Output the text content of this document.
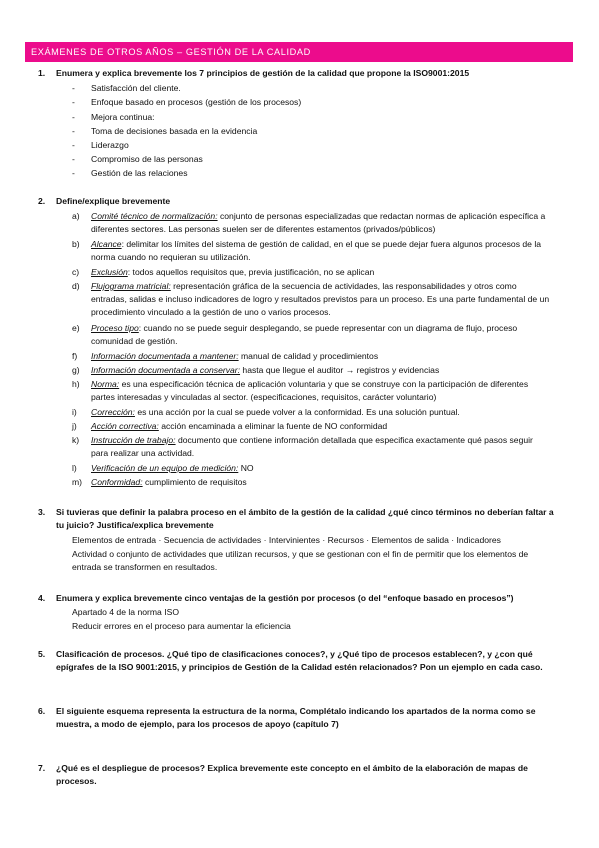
EXÁMENES DE OTROS AÑOS – GESTIÓN DE LA CALIDAD
1. Enumera y explica brevemente los 7 principios de gestión de la calidad que propone la ISO9001:2015
- Satisfacción del cliente.
- Enfoque basado en procesos (gestión de los procesos)
- Mejora continua:
- Toma de decisiones basada en la evidencia
- Liderazgo
- Compromiso de las personas
- Gestión de las relaciones
2. Define/explique brevemente
a)	Comité técnico de normalización: conjunto de personas especializadas que redactan normas de aplicación específica a diferentes sectores. Las personas suelen ser de diferentes estamentos (privados/públicos)
b)	Alcance: delimitar los límites del sistema de gestión de calidad, en el que se puede dejar fuera algunos procesos de la norma cuando no requieran su utilización.
c)	Exclusión: todos aquellos requisitos que, previa justificación, no se aplican
d)	Flujograma matricial: representación gráfica de la secuencia de actividades, las responsabilidades y otros como entradas, salidas e incluso indicadores de logro y resultados previstos para un proceso. Es una parte fundamental de un procedimiento vinculado a la gestión de uno o varios procesos.
e)	Proceso tipo: cuando no se puede seguir desplegando, se puede representar con un diagrama de flujo, proceso comunidad de gestión.
f)	Información documentada a mantener: manual de calidad y procedimientos
g)	Información documentada a conservar: hasta que llegue el auditor → registros y evidencias
h)	Norma: es una especificación técnica de aplicación voluntaria y que se construye con la participación de diferentes partes interesadas y vinculadas al sector. (especificaciones, requisitos, carácter voluntario)
i)	Corrección: es una acción por la cual se puede volver a la conformidad. Es una solución puntual.
j)	Acción correctiva: acción encaminada a eliminar la fuente de NO conformidad
k)	Instrucción de trabajo: documento que contiene información detallada que especifica exactamente qué pasos seguir para realizar una actividad.
l)	Verificación de un equipo de medición: NO
m)	Conformidad: cumplimiento de requisitos
3. Si tuvieras que definir la palabra proceso en el ámbito de la gestión de la calidad ¿qué cinco términos no deberían faltar a tu juicio? Justifica/explica brevemente
Elementos de entrada · Secuencia de actividades · Intervinientes · Recursos · Elementos de salida · Indicadores
Actividad o conjunto de actividades que utilizan recursos, y que se gestionan con el fin de permitir que los elementos de entrada se transformen en resultados.
4. Enumera y explica brevemente cinco ventajas de la gestión por procesos (o del “enfoque basado en procesos”)
Apartado 4 de la norma ISO
Reducir errores en el proceso para aumentar la eficiencia
5. Clasificación de procesos. ¿Qué tipo de clasificaciones conoces?, y ¿Qué tipo de procesos establecen?, y ¿con qué epígrafes de la ISO 9001:2015, y principios de Gestión de la Calidad estén relacionados? Pon un ejemplo en cada caso.
6. El siguiente esquema representa la estructura de la norma, Complétalo indicando los apartados de la norma como se muestra, a modo de ejemplo, para los procesos de apoyo (capítulo 7)
7. ¿Qué es el despliegue de procesos? Explica brevemente este concepto en el ámbito de la elaboración de mapas de procesos.
